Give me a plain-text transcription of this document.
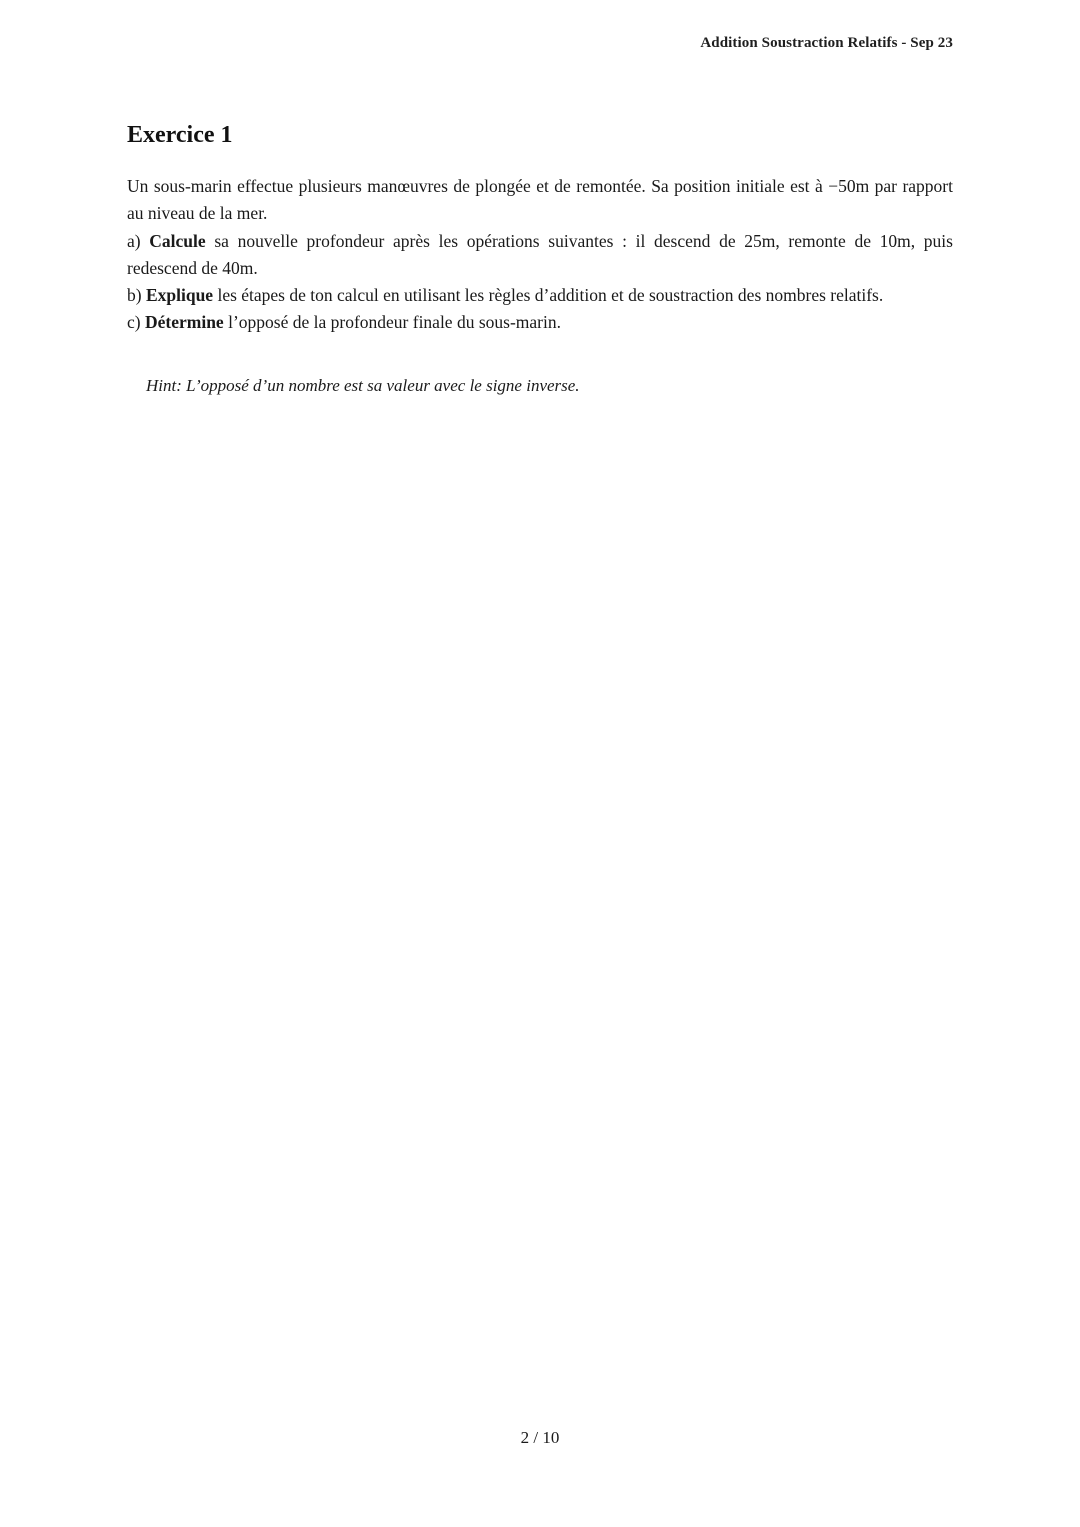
Addition Soustraction Relatifs - Sep 23
Exercice 1
Un sous-marin effectue plusieurs manœuvres de plongée et de remontée. Sa position initiale est à −50m par rapport au niveau de la mer.
a) Calcule sa nouvelle profondeur après les opérations suivantes : il descend de 25m, remonte de 10m, puis redescend de 40m.
b) Explique les étapes de ton calcul en utilisant les règles d’addition et de soustraction des nombres relatifs.
c) Détermine l’opposé de la profondeur finale du sous-marin.
Hint: L’opposé d’un nombre est sa valeur avec le signe inverse.
2 / 10
